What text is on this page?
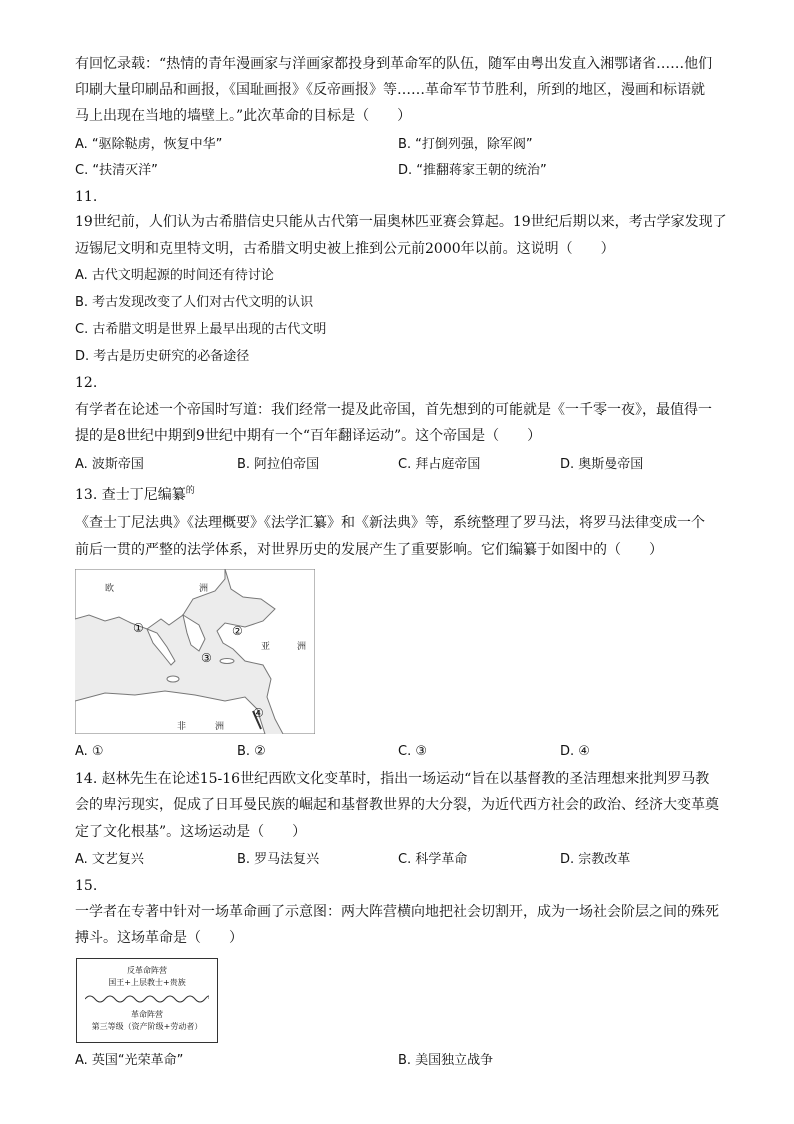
有回忆录载：“热情的青年漫画家与洋画家都投身到革命军的队伍，随军由粤出发直入湘鄂诸省……他们
印刷大量印刷品和画报，《国耻画报》《反帝画报》等……革命军节节胜利，所到的地区，漫画和标语就
马上出现在当地的墙壁上。”此次革命的目标是（　　）
A. “驱除鞑虏，恢复中华”	B. “打倒列强，除军阀”
C. “扶清灭洋”	D. “推翻蒋家王朝的统治”
11.
19世纪前，人们认为古希腊信史只能从古代第一届奥林匹亚赛会算起。19世纪后期以来，考古学家发现了
迈锡尼文明和克里特文明，古希腊文明史被上推到公元前2000年以前。这说明（　　）
A. 古代文明起源的时间还有待讨论
B. 考古发现改变了人们对古代文明的认识
C. 古希腊文明是世界上最早出现的古代文明
D. 考古是历史研究的必备途径
12.
有学者在论述一个帝国时写道：我们经常一提及此帝国，首先想到的可能就是《一千零一夜》，最值得一
提的是8世纪中期到9世纪中期有一个“百年翻译运动”。这个帝国是（　　）
A. 波斯帝国	B. 阿拉伯帝国	C. 拜占庭帝国	D. 奥斯曼帝国
13. 查士丁尼编纂$^的$
《查士丁尼法典》《法理概要》《法学汇纂》和《新法典》等，系统整理了罗马法，将罗马法律变成一个
前后一贯的严整的法学体系，对世界历史的发展产生了重要影响。它们编纂于如图中的（　　）
欧	洲
亚	洲
非	洲
①	②
③
④
A. ①	B. ②	C. ③	D. ④
14. 赵林先生在论述15-16世纪西欧文化变革时，指出一场运动“旨在以基督教的圣洁理想来批判罗马教
会的卑污现实，促成了日耳曼民族的崛起和基督教世界的大分裂，为近代西方社会的政治、经济大变革奠
定了文化根基”。这场运动是（　　）
A. 文艺复兴	B. 罗马法复兴	C. 科学革命	D. 宗教改革
15.
一学者在专著中针对一场革命画了示意图：两大阵营横向地把社会切割开，成为一场社会阶层之间的殊死
搏斗。这场革命是（　　）
反革命阵营
国王+上层教士+贵族
革命阵营
第三等级（资产阶级+劳动者）
A. 英国“光荣革命”	B. 美国独立战争
